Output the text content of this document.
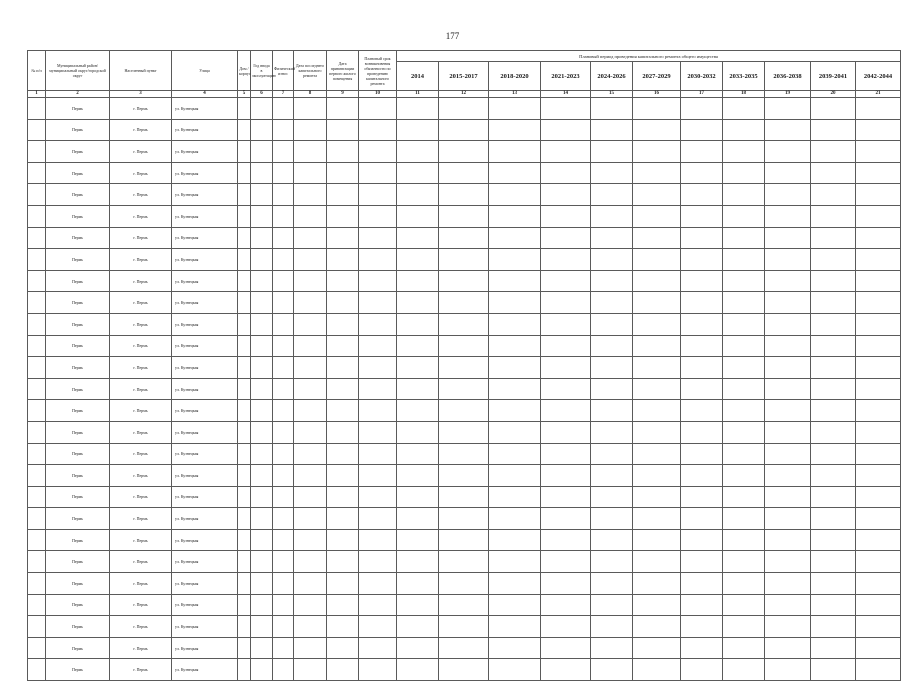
177
№ п/п	Муниципальный район/муниципальный округ/городской округ	Населенный пункт	Улица	Дом / корпус	Год ввода в эксплуатацию	Физический износ	Дата последнего капитального ремонта	Дата приватизации первого жилого помещения	Плановый срок возникновения обязанности по проведению капитального ремонта	Плановый период проведения капитального ремонта общего имущества										
										2014	2015-2017	2018-2020	2021-2023	2024-2026	2027-2029	2030-2032	2033-2035	2036-2038	2039-2041	2042-2044
1	2	3	4	5	6	7	8	9	10	11	12	13	14	15	16	17	18	19	20	21
	Пермь	г. Пермь	ул. Кузнецкая																	
	Пермь	г. Пермь	ул. Кузнецкая																	
	Пермь	г. Пермь	ул. Кузнецкая																	
	Пермь	г. Пермь	ул. Кузнецкая																	
	Пермь	г. Пермь	ул. Кузнецкая																	
	Пермь	г. Пермь	ул. Кузнецкая																	
	Пермь	г. Пермь	ул. Кузнецкая																	
	Пермь	г. Пермь	ул. Кузнецкая																	
	Пермь	г. Пермь	ул. Кузнецкая																	
	Пермь	г. Пермь	ул. Кузнецкая																	
	Пермь	г. Пермь	ул. Кузнецкая																	
	Пермь	г. Пермь	ул. Кузнецкая																	
	Пермь	г. Пермь	ул. Кузнецкая																	
	Пермь	г. Пермь	ул. Кузнецкая																	
	Пермь	г. Пермь	ул. Кузнецкая																	
	Пермь	г. Пермь	ул. Кузнецкая																	
	Пермь	г. Пермь	ул. Кузнецкая																	
	Пермь	г. Пермь	ул. Кузнецкая																	
	Пермь	г. Пермь	ул. Кузнецкая																	
	Пермь	г. Пермь	ул. Кузнецкая																	
	Пермь	г. Пермь	ул. Кузнецкая																	
	Пермь	г. Пермь	ул. Кузнецкая																	
	Пермь	г. Пермь	ул. Кузнецкая																	
	Пермь	г. Пермь	ул. Кузнецкая																	
	Пермь	г. Пермь	ул. Кузнецкая																	
	Пермь	г. Пермь	ул. Кузнецкая																	
	Пермь	г. Пермь	ул. Кузнецкая																	
